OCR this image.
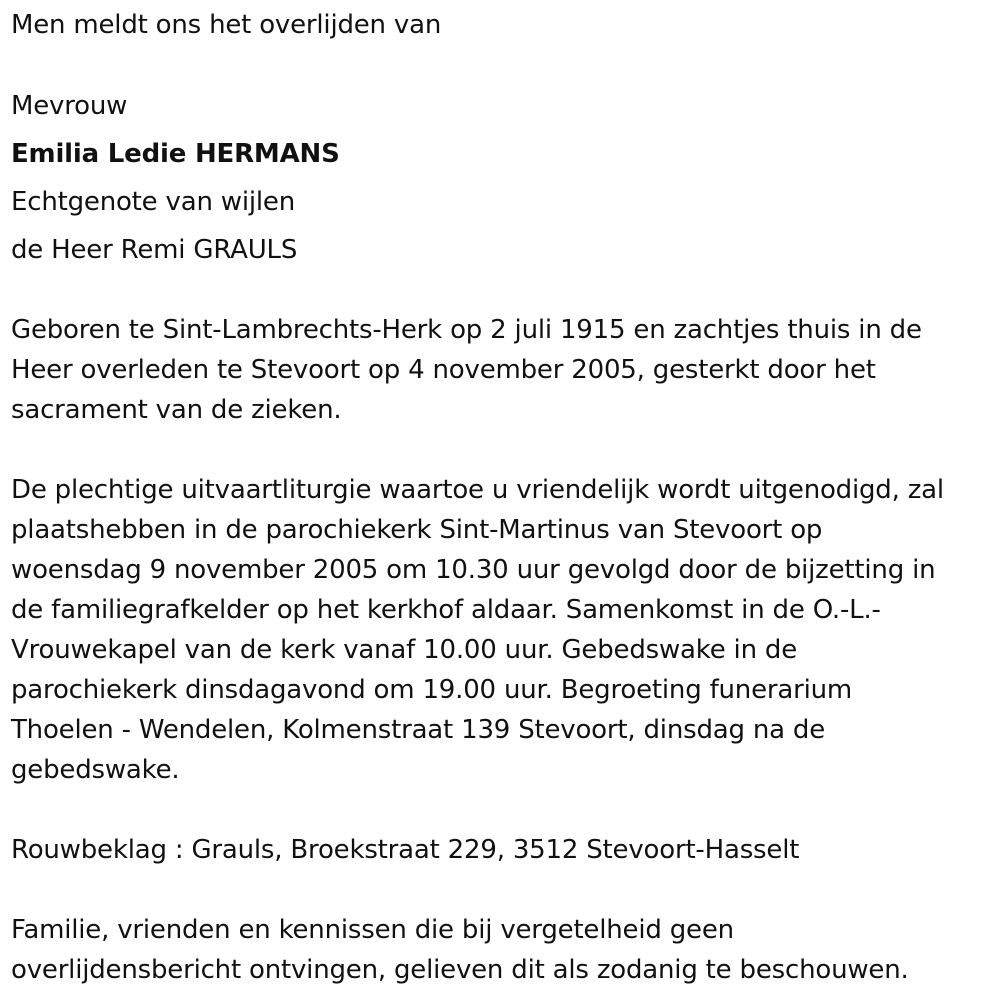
Men meldt ons het overlijden van
Mevrouw
Emilia Ledie HERMANS
Echtgenote van wijlen
de Heer Remi GRAULS
Geboren te Sint-Lambrechts-Herk op 2 juli 1915 en zachtjes thuis in de
Heer overleden te Stevoort op 4 november 2005, gesterkt door het
sacrament van de zieken.
De plechtige uitvaartliturgie waartoe u vriendelijk wordt uitgenodigd, zal
plaatshebben in de parochiekerk Sint-Martinus van Stevoort op
woensdag 9 november 2005 om 10.30 uur gevolgd door de bijzetting in
de familiegrafkelder op het kerkhof aldaar. Samenkomst in de O.-L.-
Vrouwekapel van de kerk vanaf 10.00 uur. Gebedswake in de
parochiekerk dinsdagavond om 19.00 uur. Begroeting funerarium
Thoelen - Wendelen, Kolmenstraat 139 Stevoort, dinsdag na de
gebedswake.
Rouwbeklag : Grauls, Broekstraat 229, 3512 Stevoort-Hasselt
Familie, vrienden en kennissen die bij vergetelheid geen
overlijdensbericht ontvingen, gelieven dit als zodanig te beschouwen.
